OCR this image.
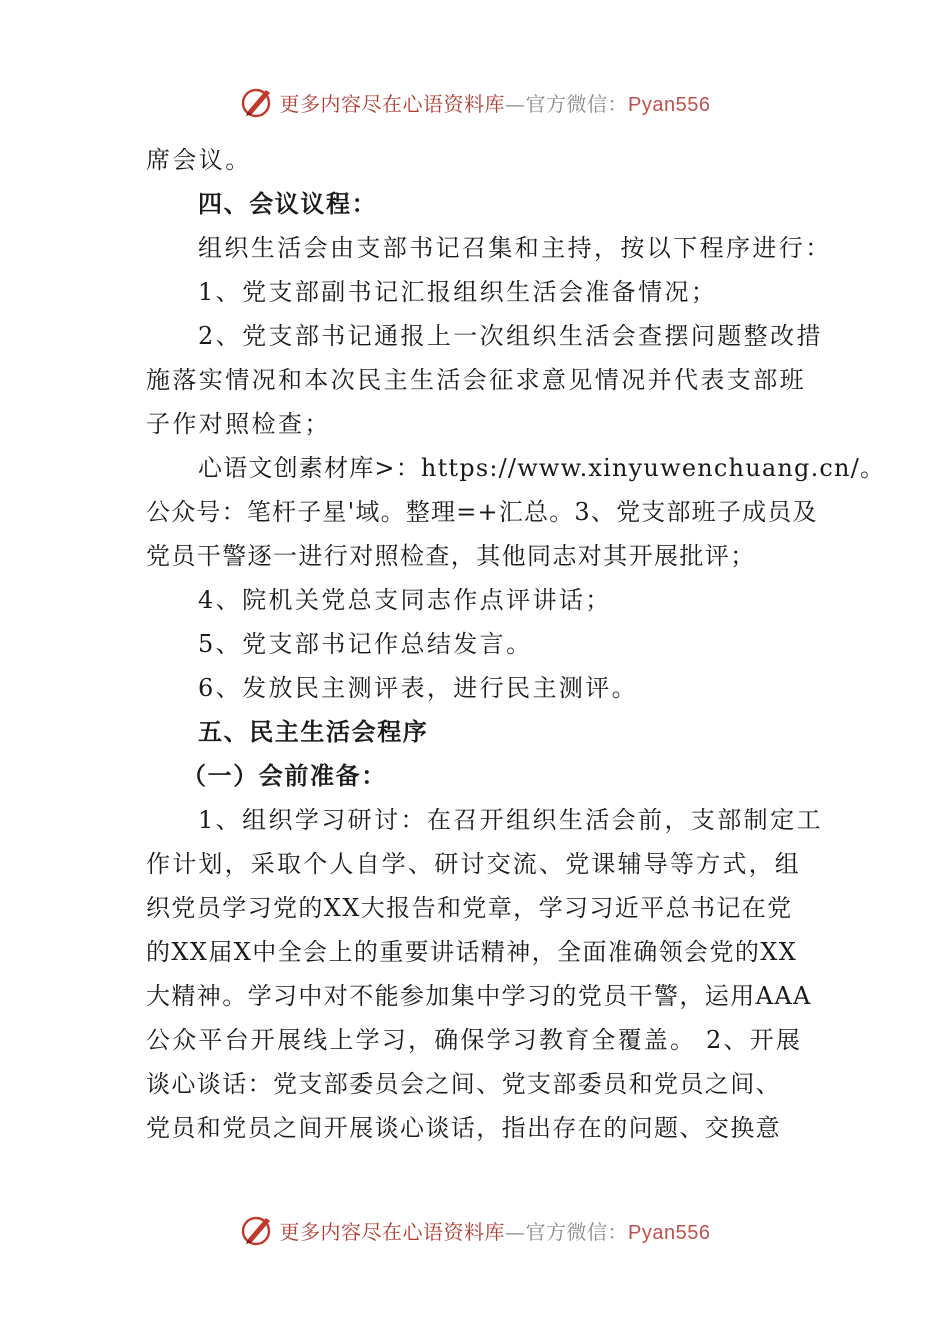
更多内容尽在心语资料库—官方微信：Pyan556
席会议。
四、会议议程：
组织生活会由支部书记召集和主持，按以下程序进行：
1、党支部副书记汇报组织生活会准备情况；
2、党支部书记通报上一次组织生活会查摆问题整改措
施落实情况和本次民主生活会征求意见情况并代表支部班
子作对照检查；
心语文创素材库>：https://www.xinyuwenchuang.cn/。
公众号：笔杆子星'域。整理=+汇总。3、党支部班子成员及
党员干警逐一进行对照检查，其他同志对其开展批评；
4、院机关党总支同志作点评讲话；
5、党支部书记作总结发言。
6、发放民主测评表，进行民主测评。
五、民主生活会程序
（一）会前准备：
1、组织学习研讨：在召开组织生活会前，支部制定工
作计划，采取个人自学、研讨交流、党课辅导等方式，组
织党员学习党的XX大报告和党章，学习习近平总书记在党
的XX届X中全会上的重要讲话精神，全面准确领会党的XX
大精神。学习中对不能参加集中学习的党员干警，运用AAA
公众平台开展线上学习，确保学习教育全覆盖。 2、开展
谈心谈话：党支部委员会之间、党支部委员和党员之间、
党员和党员之间开展谈心谈话，指出存在的问题、交换意
更多内容尽在心语资料库—官方微信：Pyan556
